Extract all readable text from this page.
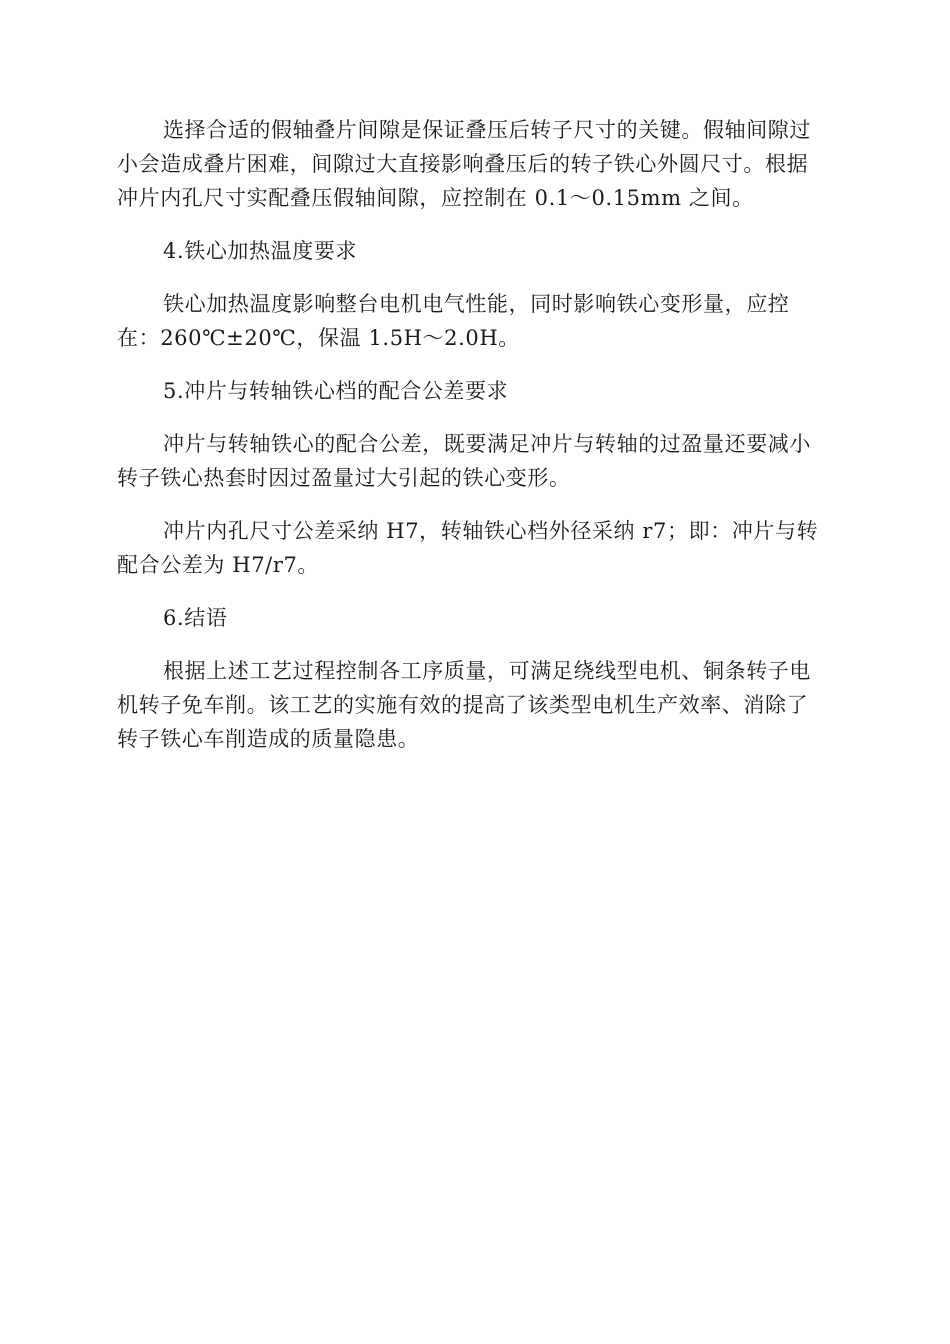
选择合适的假轴叠片间隙是保证叠压后转子尺寸的关键。假轴间隙过
小会造成叠片困难，间隙过大直接影响叠压后的转子铁心外圆尺寸。根据
冲片内孔尺寸实配叠压假轴间隙，应控制在 0.1～0.15mm 之间。

4.铁心加热温度要求

铁心加热温度影响整台电机电气性能，同时影响铁心变形量，应控
在：260℃±20℃，保温 1.5H～2.0H。

5.冲片与转轴铁心档的配合公差要求

冲片与转轴铁心的配合公差，既要满足冲片与转轴的过盈量还要减小
转子铁心热套时因过盈量过大引起的铁心变形。

冲片内孔尺寸公差采纳 H7，转轴铁心档外径采纳 r7；即：冲片与转
配合公差为 H7/r7。

6.结语

根据上述工艺过程控制各工序质量，可满足绕线型电机、铜条转子电
机转子免车削。该工艺的实施有效的提高了该类型电机生产效率、消除了
转子铁心车削造成的质量隐患。
